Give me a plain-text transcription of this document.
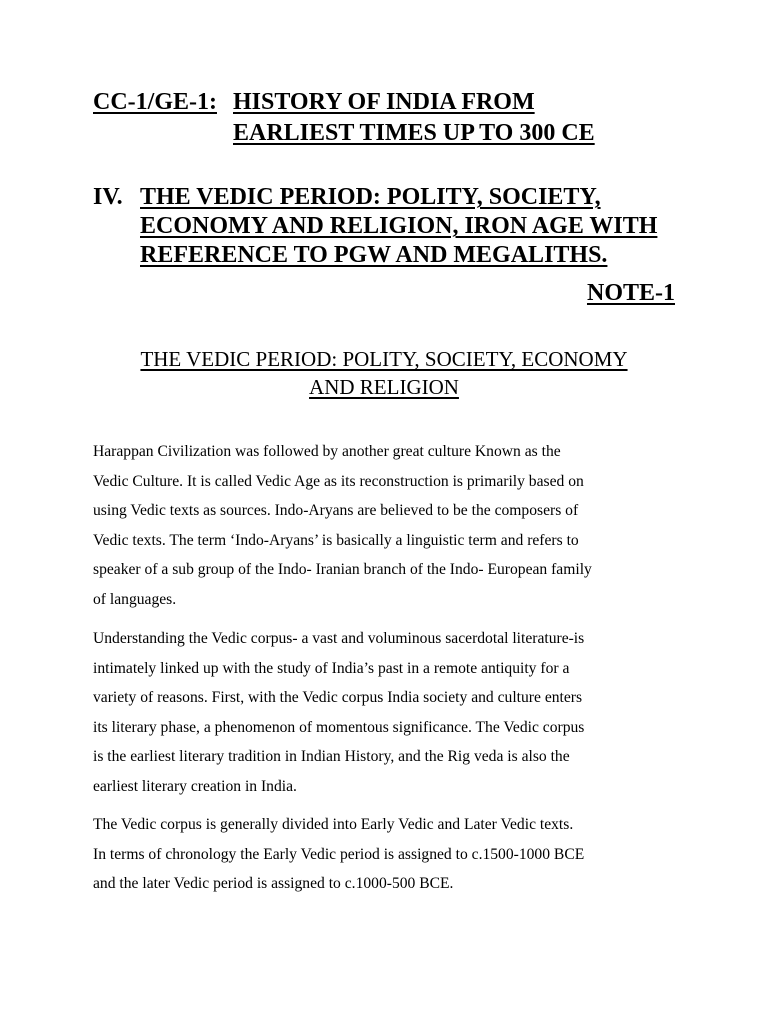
CC-1/GE-1: HISTORY OF INDIA FROM
EARLIEST TIMES UP TO 300 CE
IV. THE VEDIC PERIOD: POLITY, SOCIETY,
ECONOMY AND RELIGION, IRON AGE WITH
REFERENCE TO PGW AND MEGALITHS.
NOTE-1
THE VEDIC PERIOD: POLITY, SOCIETY, ECONOMY
AND RELIGION
Harappan Civilization was followed by another great culture Known as the
Vedic Culture. It is called Vedic Age as its reconstruction is primarily based on
using Vedic texts as sources. Indo-Aryans are believed to be the composers of
Vedic texts. The term ‘Indo-Aryans’ is basically a linguistic term and refers to
speaker of a sub group of the Indo- Iranian branch of the Indo- European family
of languages.
Understanding the Vedic corpus- a vast and voluminous sacerdotal literature-is
intimately linked up with the study of India’s past in a remote antiquity for a
variety of reasons. First, with the Vedic corpus India society and culture enters
its literary phase, a phenomenon of momentous significance. The Vedic corpus
is the earliest literary tradition in Indian History, and the Rig veda is also the
earliest literary creation in India.
The Vedic corpus is generally divided into Early Vedic and Later Vedic texts.
In terms of chronology the Early Vedic period is assigned to c.1500-1000 BCE
and the later Vedic period is assigned to c.1000-500 BCE.
